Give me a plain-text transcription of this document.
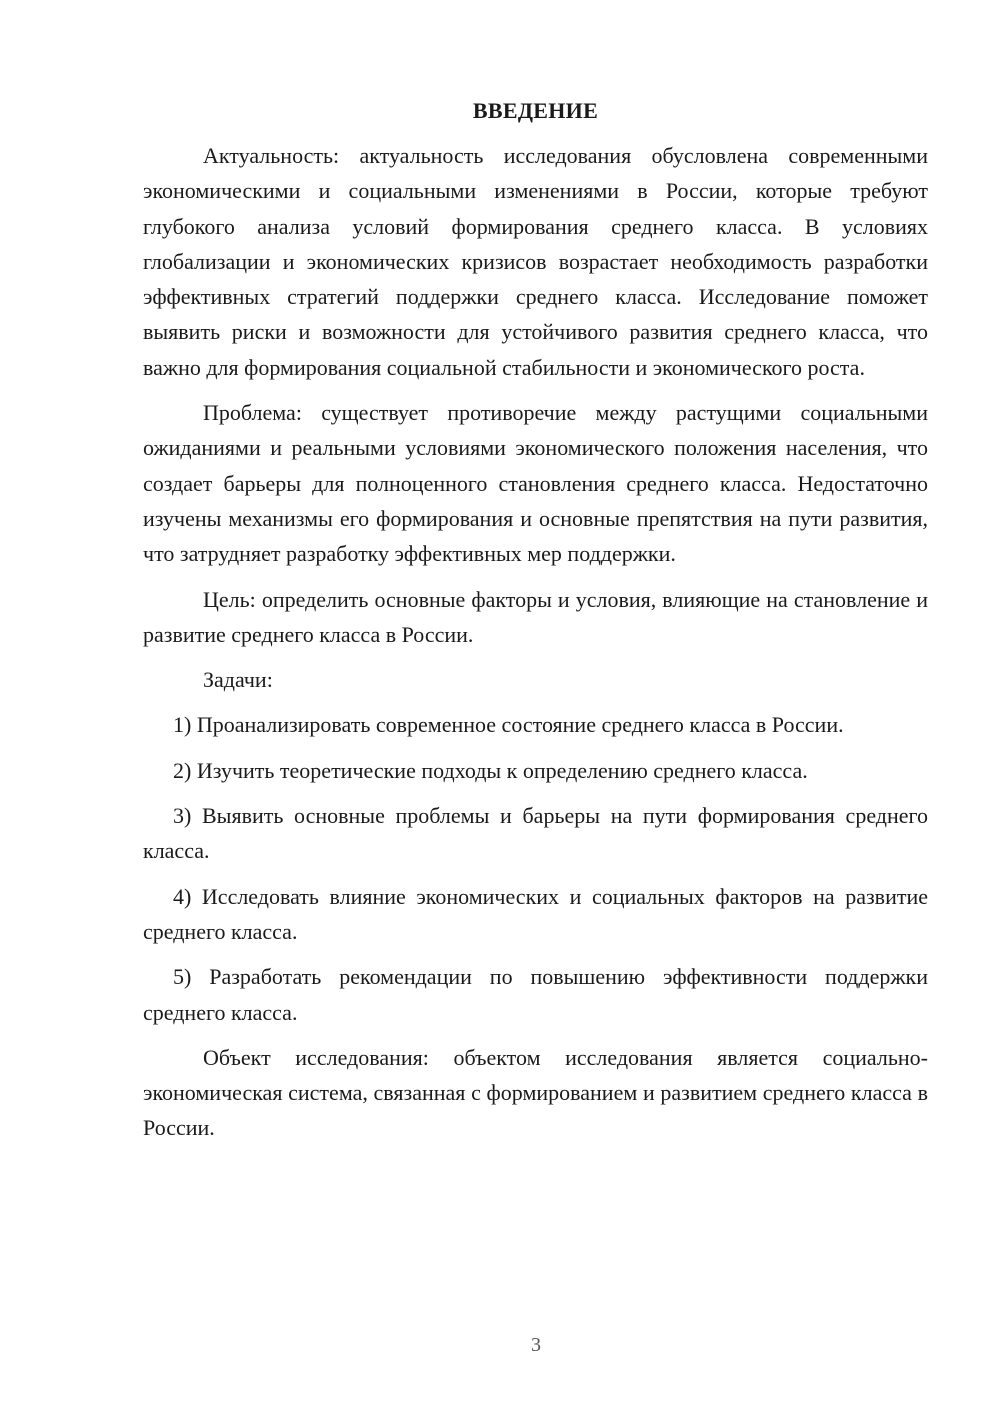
ВВЕДЕНИЕ

Актуальность: актуальность исследования обусловлена современными экономическими и социальными изменениями в России, которые требуют глубокого анализа условий формирования среднего класса. В условиях глобализации и экономических кризисов возрастает необходимость разработки эффективных стратегий поддержки среднего класса. Исследование поможет выявить риски и возможности для устойчивого развития среднего класса, что важно для формирования социальной стабильности и экономического роста.

Проблема: существует противоречие между растущими социальными ожиданиями и реальными условиями экономического положения населения, что создает барьеры для полноценного становления среднего класса. Недостаточно изучены механизмы его формирования и основные препятствия на пути развития, что затрудняет разработку эффективных мер поддержки.

Цель: определить основные факторы и условия, влияющие на становление и развитие среднего класса в России.

Задачи:

1) Проанализировать современное состояние среднего класса в России.

2) Изучить теоретические подходы к определению среднего класса.

3) Выявить основные проблемы и барьеры на пути формирования среднего класса.

4) Исследовать влияние экономических и социальных факторов на развитие среднего класса.

5) Разработать рекомендации по повышению эффективности поддержки среднего класса.

Объект исследования: объектом исследования является социально-экономическая система, связанная с формированием и развитием среднего класса в России.

3
